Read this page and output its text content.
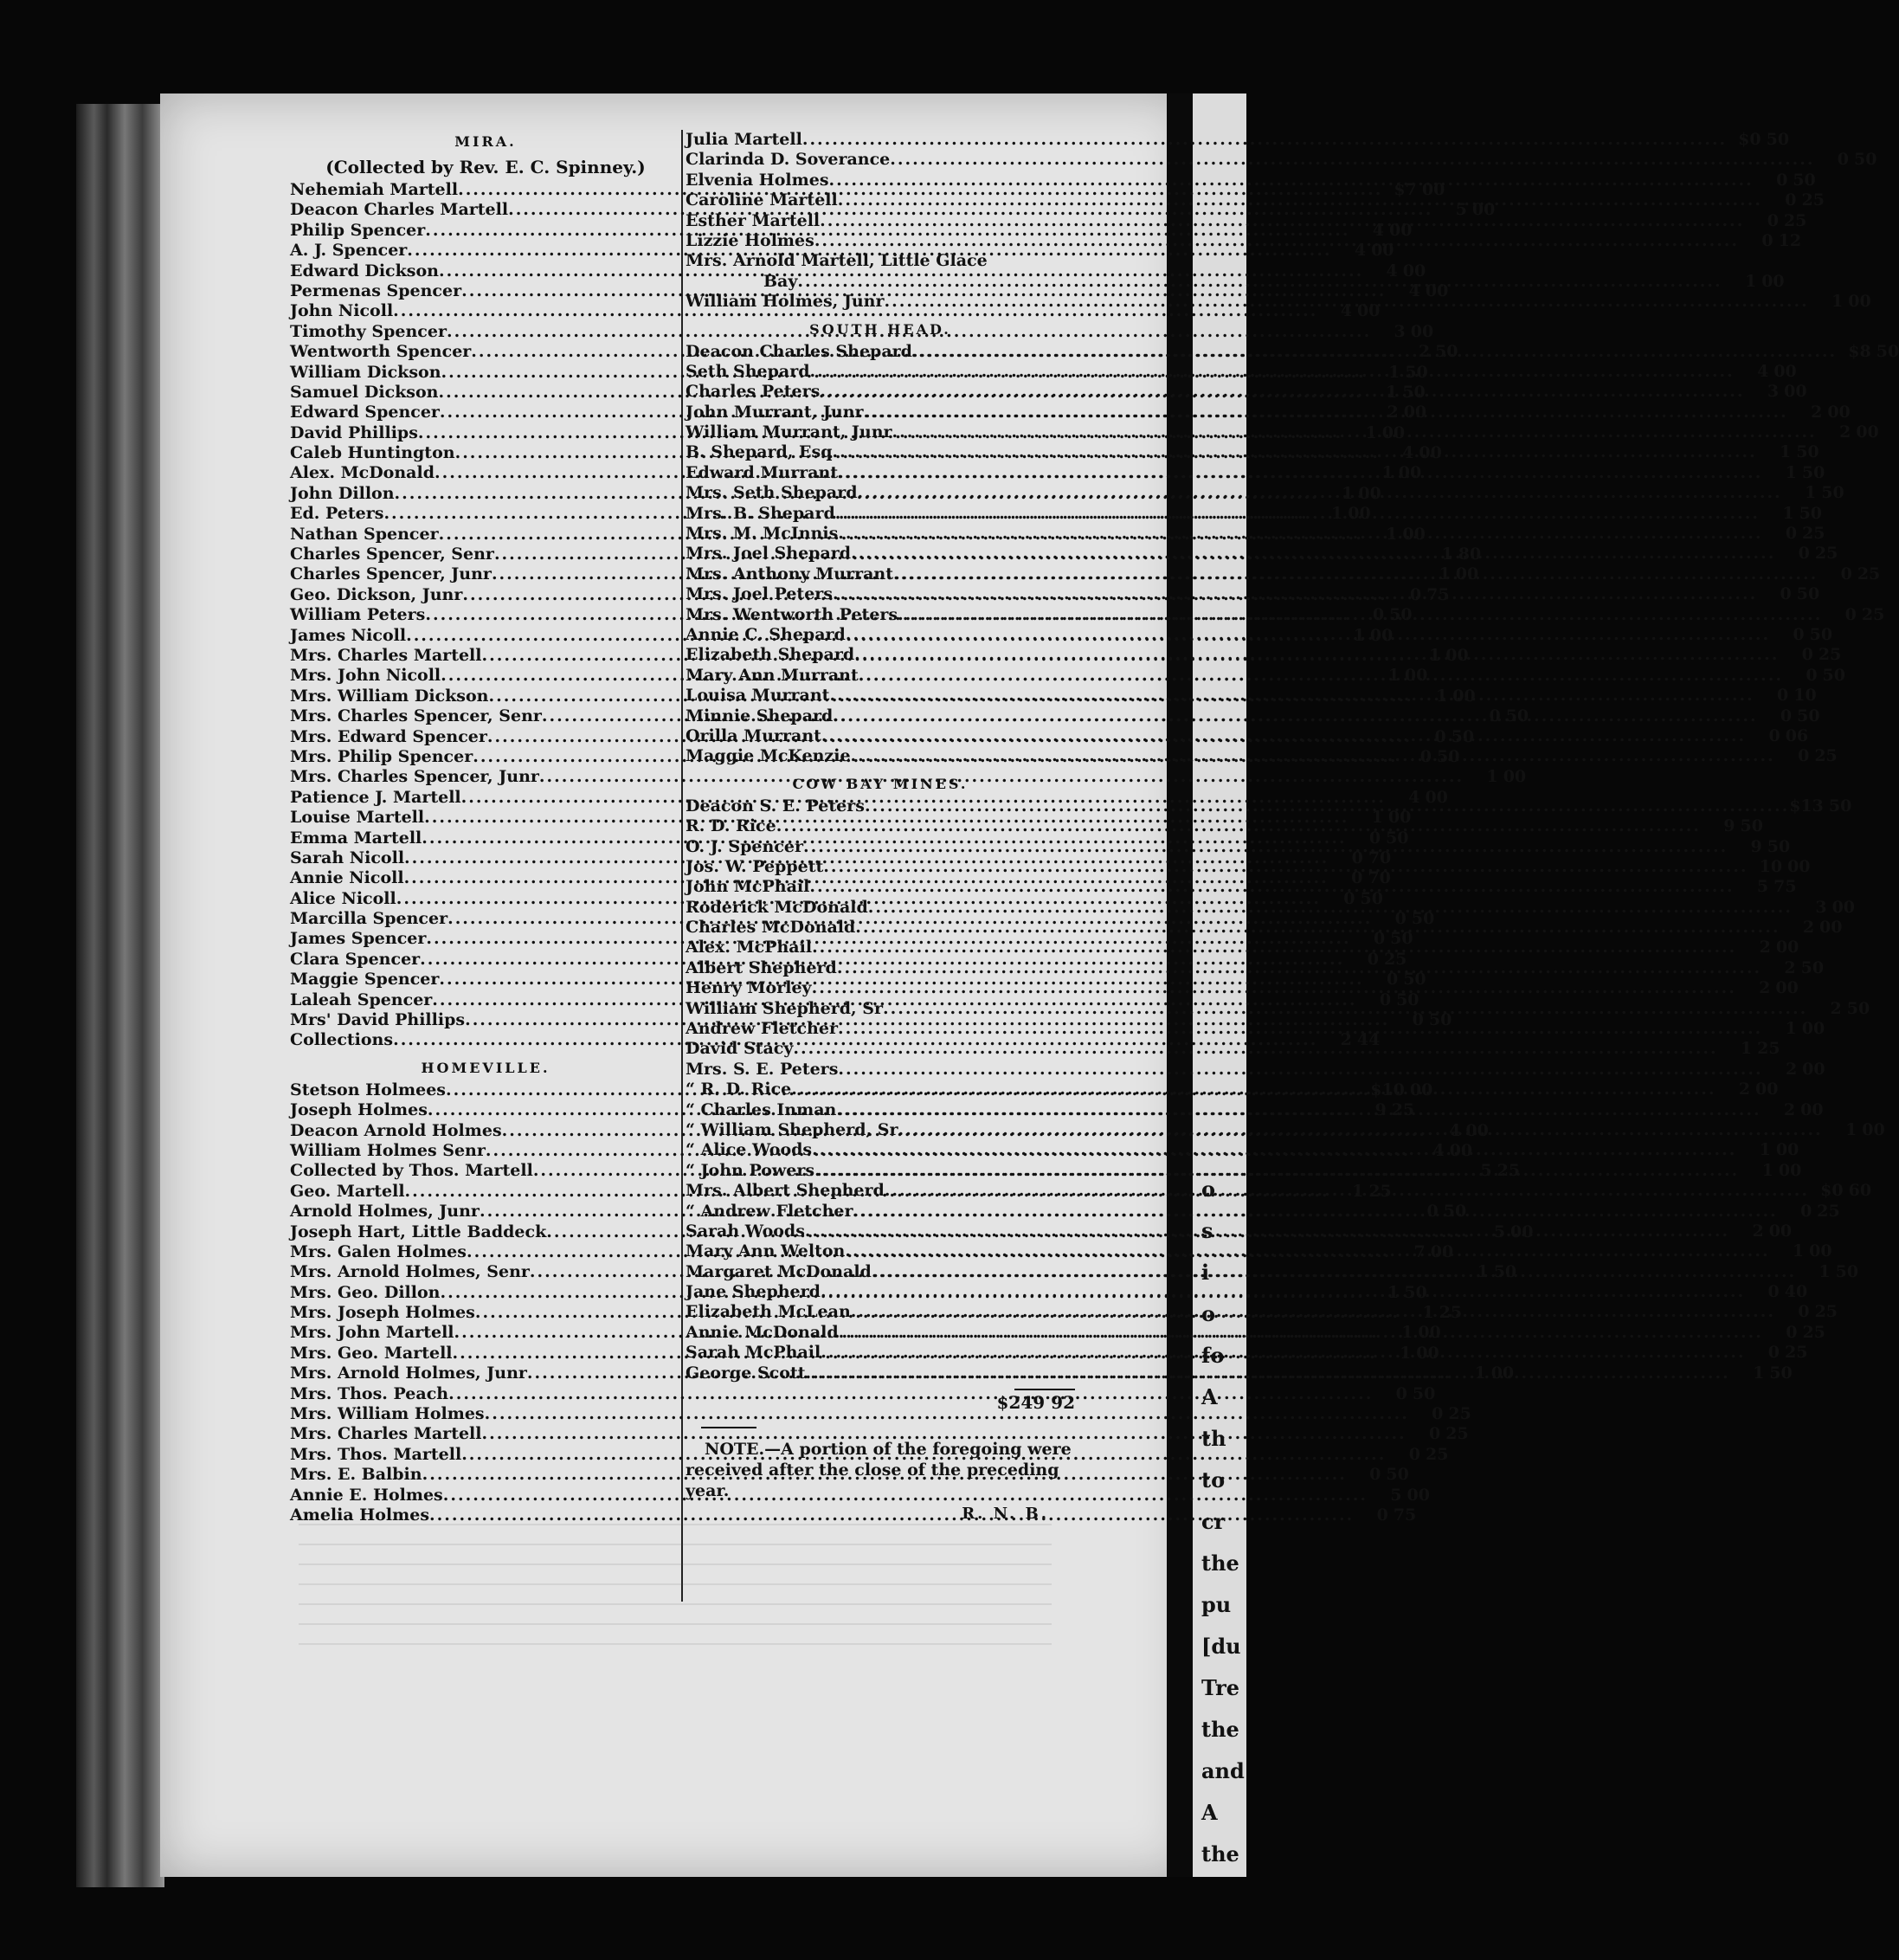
MIRA.
(Collected by Rev. E. C. Spinney.)
Nehemiah Martell .....	$7 00
Deacon Charles Martell .....	5 00
Philip Spencer .....	4 00
A. J. Spencer .....	4 00
Edward Dickson .....	4 00
Permenas Spencer .....	4 00
John Nicoll .....	4 00
Timothy Spencer .....	3 00
Wentworth Spencer .....	2 50
William Dickson .....	1 50
Samuel Dickson .....	1 50
Edward Spencer .....	2 00
David Phillips .....	1 00
Caleb Huntington .....	4 00
Alex. McDonald .....	1 00
John Dillon .....	1 00
Ed. Peters .....	1 00
Nathan Spencer .....	1 00
Charles Spencer, Senr .....	1 80
Charles Spencer, Junr .....	1 00
Geo. Dickson, Junr .....	0 75
William Peters .....	0 50
James Nicoll .....	1 00
Mrs. Charles Martell .....	1 00
Mrs. John Nicoll .....	1 00
Mrs. William Dickson .....	1 00
Mrs. Charles Spencer, Senr .....	0 50
Mrs. Edward Spencer .....	0 50
Mrs. Philip Spencer .....	0 50
Mrs. Charles Spencer, Junr .....	1 00
Patience J. Martell .....	4 00
Louise Martell .....	1 00
Emma Martell .....	0 50
Sarah Nicoll .....	0 70
Annie Nicoll .....	0 70
Alice Nicoll .....	0 50
Marcilla Spencer .....	0 50
James Spencer .....	0 50
Clara Spencer .....	0 25
Maggie Spencer .....	0 50
Laleah Spencer .....	0 50
Mrs' David Phillips .....	0 50
Collections .....	2 44
HOMEVILLE.
Stetson Holmees .....	$10 00
Joseph Holmes .....	9 25
Deacon Arnold Holmes .....	4 00
William Holmes Senr .....	4 00
Collected by Thos. Martell .....	5 25
Geo. Martell .....	1 25
Arnold Holmes, Junr .....	0 50
Joseph Hart, Little Baddeck .....	5 00
Mrs. Galen Holmes .....	7 00
Mrs. Arnold Holmes, Senr .....	1 50
Mrs. Geo. Dillon .....	1 50
Mrs. Joseph Holmes .....	1 25
Mrs. John Martell .....	1 00
Mrs. Geo. Martell .....	1 00
Mrs. Arnold Holmes, Junr .....	1 00
Mrs. Thos. Peach .....	0 50
Mrs. William Holmes .....	0 25
Mrs. Charles Martell .....	0 25
Mrs. Thos. Martell .....	0 25
Mrs. E. Balbin .....	0 50
Annie E. Holmes .....	5 00
Amelia Holmes .....	0 75
Julia Martell .....	$0 50
Clarinda D. Soverance .....	0 50
Elvenia Holmes .....	0 50
Caroline Martell .....	0 25
Esther Martell .....	0 25
Lizzie Holmes .....	0 12
Mrs. Arnold Martell, Little Glace
Bay .....	1 00
William Holmes, Junr .....	1 00
SOUTH HEAD.
Deacon Charles Shepard .....	$8 50
Seth Shepard .....	4 00
Charles Peters .....	3 00
John Murrant, Junr .....	2 00
William Murrant, Junr .....	2 00
B. Shepard, Esq .....	1 50
Edward Murrant .....	1 50
Mrs. Seth Shepard .....	1 50
Mrs. B. Shepard .....	1 50
Mrs. M. McInnis .....	0 25
Mrs. Joel Shepard .....	0 25
Mrs. Anthony Murrant .....	0 25
Mrs. Joel Peters .....	0 50
Mrs. Wentworth Peters .....	0 25
Annie C. Shepard .....	0 50
Elizabeth Shepard .....	0 25
Mary Ann Murrant .....	0 50
Louisa Murrant .....	0 10
Minnie Shepard .....	0 50
Orilla Murrant .....	0 06
Maggie McKenzie .....	0 25
COW BAY MINES.
Deacon S. E. Peters .....	$13 50
R. D. Rice .....	9 50
O. J. Spencer .....	9 50
Jos. W. Peppett .....	10 00
John McPhail .....	5 75
Roderick McDonald .....	3 00
Charles McDonald .....	2 00
Alex. McPhail .....	2 00
Albert Shepherd .....	2 50
Henry Morley .....	2 00
William Shepherd, Sr .....	2 50
Andrew Fletcher .....	1 00
David Stacy .....	1 25
Mrs. S. E. Peters .....	2 00
“ R. D. Rice .....	2 00
“ Charles Inman .....	2 00
“ William Shepherd, Sr .....	1 00
“ Alice Woods .....	1 00
“ John Powers .....	1 00
Mrs. Albert Shepherd .....	$0 60
“ Andrew Fletcher .....	0 25
Sarah Woods .....	2 00
Mary Ann Welton .....	1 00
Margaret McDonald .....	1 50
Jane Shepherd .....	0 40
Elizabeth McLean .....	0 25
Annie McDonald .....	0 25
Sarah McPhail .....	0 25
George Scott .....	1 50
$249 92
NOTE.—A portion of the foregoing were received after the close of the preceding year.
R. N. B.
o
s
i
o
fo
A
th
to
cr
the
pu
[du
Tre
the
and
A
the
